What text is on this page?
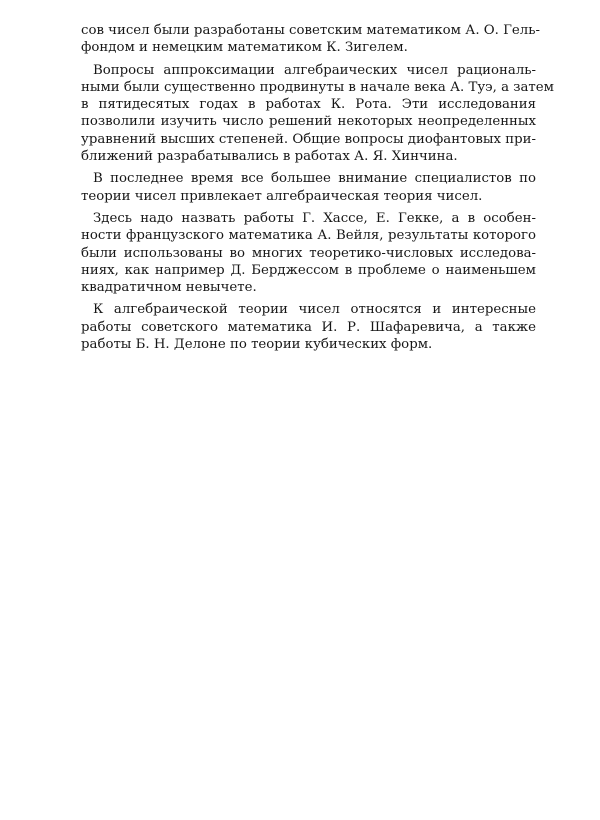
сов чисел были разработаны советским математиком А. О. Гель-
фондом и немецким математиком К. Зигелем.

Вопросы аппроксимации алгебраических чисел рациональ-
ными были существенно продвинуты в начале века А. Туэ, а затем
в пятидесятых годах в работах К. Рота. Эти исследования
позволили изучить число решений некоторых неопределенных
уравнений высших степеней. Общие вопросы диофантовых при-
ближений разрабатывались в работах А. Я. Хинчина.

В последнее время все большее внимание специалистов по
теории чисел привлекает алгебраическая теория чисел.

Здесь надо назвать работы Г. Хассе, Е. Гекке, а в особен-
ности французского математика А. Вейля, результаты которого
были использованы во многих теоретико-числовых исследова-
ниях, как например Д. Берджессом в проблеме о наименьшем
квадратичном невычете.

К алгебраической теории чисел относятся и интересные
работы советского математика И. Р. Шафаревича, а также
работы Б. Н. Делоне по теории кубических форм.
